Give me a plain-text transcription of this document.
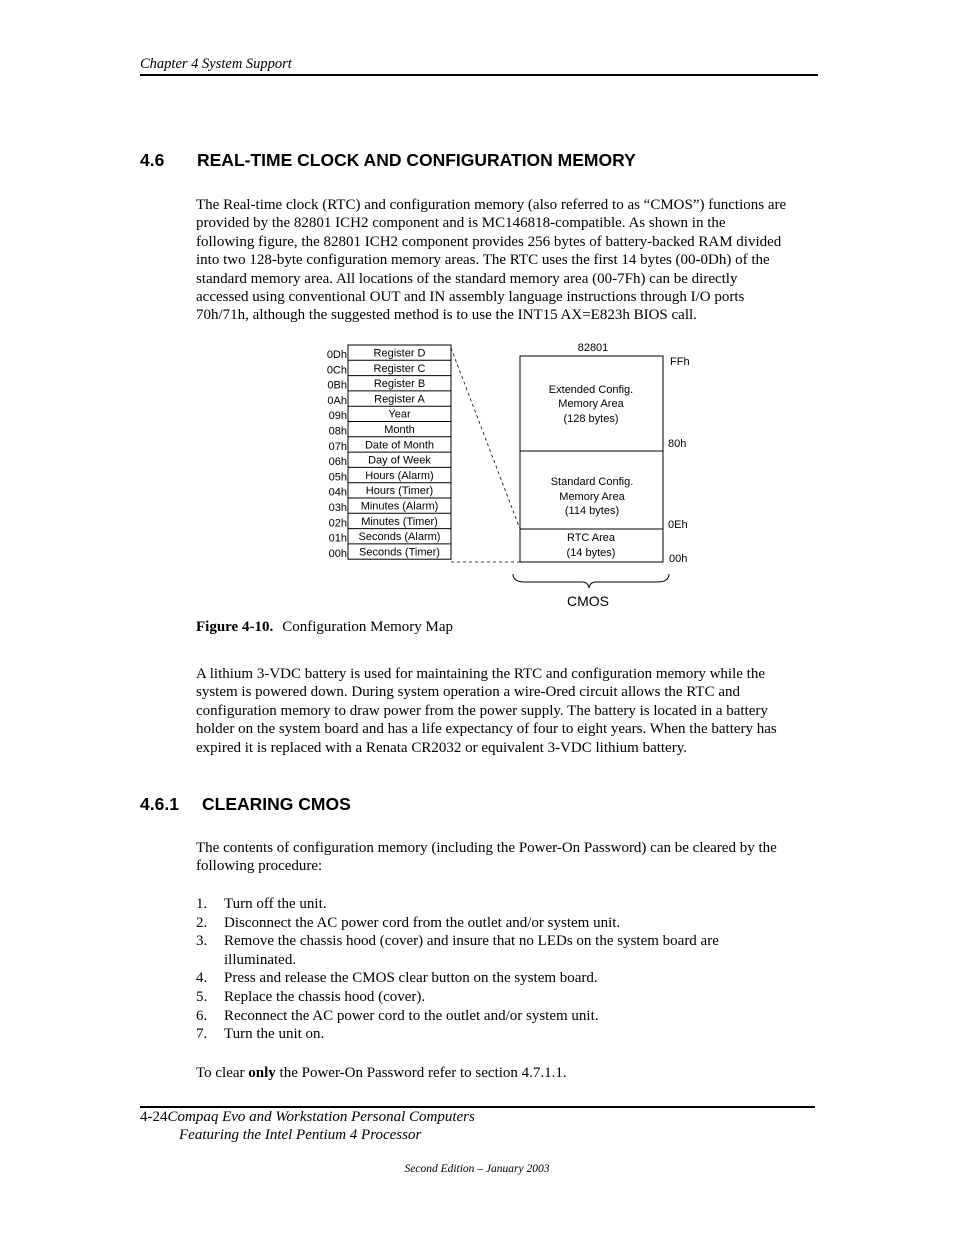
Chapter 4 System Support
4.6 REAL-TIME CLOCK AND CONFIGURATION MEMORY
The Real-time clock (RTC) and configuration memory (also referred to as “CMOS”) functions are
provided by the 82801 ICH2 component and is MC146818-compatible. As shown in the
following figure, the 82801 ICH2 component provides 256 bytes of battery-backed RAM divided
into two 128-byte configuration memory areas. The RTC uses the first 14 bytes (00-0Dh) of the
standard memory area. All locations of the standard memory area (00-7Fh) can be directly
accessed using conventional OUT and IN assembly language instructions through I/O ports
70h/71h, although the suggested method is to use the INT15 AX=E823h BIOS call.
Register D
0Dh
Register C
0Ch
Register B
0Bh
Register A
0Ah
Year
09h
Month
08h
Date of Month
07h
Day of Week
06h
Hours (Alarm)
05h
Hours (Timer)
04h
Minutes (Alarm)
03h
Minutes (Timer)
02h
Seconds (Alarm)
01h
Seconds (Timer)
00h
82801
Extended Config.
Memory Area
(128 bytes)
Standard Config.
Memory Area
(114 bytes)
RTC Area
(14 bytes)
FFh
80h
0Eh
00h
CMOS
Figure 4-10. Configuration Memory Map
A lithium 3-VDC battery is used for maintaining the RTC and configuration memory while the
system is powered down. During system operation a wire-Ored circuit allows the RTC and
configuration memory to draw power from the power supply. The battery is located in a battery
holder on the system board and has a life expectancy of four to eight years. When the battery has
expired it is replaced with a Renata CR2032 or equivalent 3-VDC lithium battery.
4.6.1 CLEARING CMOS
The contents of configuration memory (including the Power-On Password) can be cleared by the
following procedure:
1. Turn off the unit.
2. Disconnect the AC power cord from the outlet and/or system unit.
3. Remove the chassis hood (cover) and insure that no LEDs on the system board are
illuminated.
4. Press and release the CMOS clear button on the system board.
5. Replace the chassis hood (cover).
6. Reconnect the AC power cord to the outlet and/or system unit.
7. Turn the unit on.
To clear only the Power-On Password refer to section 4.7.1.1.
4-24Compaq Evo and Workstation Personal Computers
Featuring the Intel Pentium 4 Processor
Second Edition – January 2003
